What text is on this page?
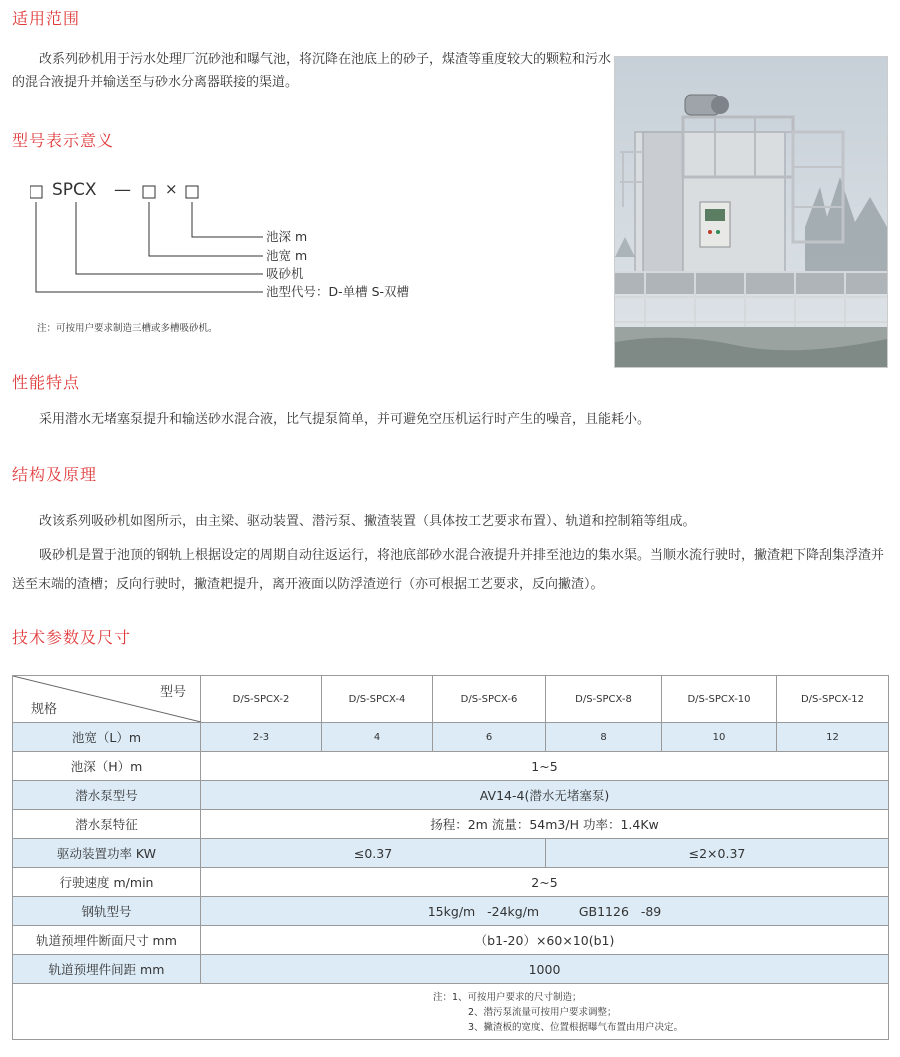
适用范围

改系列砂机用于污水处理厂沉砂池和曝气池，将沉降在池底上的砂子，煤渣等重度较大的颗粒和污水的混合液提升并输送至与砂水分离器联接的渠道。

型号表示意义
SPCX — ×
池深 m
池宽 m
吸砂机
池型代号：D-单槽 S-双槽
注：可按用户要求制造三槽或多槽吸砂机。
性能特点

采用潜水无堵塞泵提升和输送砂水混合液，比气提泵简单，并可避免空压机运行时产生的噪音，且能耗小。

结构及原理

改该系列吸砂机如图所示，由主梁、驱动装置、潜污泵、撇渣装置（具体按工艺要求布置）、轨道和控制箱等组成。

吸砂机是置于池顶的钢轨上根据设定的周期自动往返运行，将池底部砂水混合液提升并排至池边的集水渠。当顺水流行驶时，撇渣耙下降刮集浮渣并送至末端的渣槽；反向行驶时，撇渣耙提升，离开液面以防浮渣逆行（亦可根据工艺要求，反向撇渣）。

技术参数及尺寸
型号
规格	D/S-SPCX-2	D/S-SPCX-4	D/S-SPCX-6	D/S-SPCX-8	D/S-SPCX-10	D/S-SPCX-12
池宽（L）m	2-3	4	6	8	10	12
池深（H）m	1~5					
潜水泵型号	AV14-4(潜水无堵塞泵)					
潜水泵特征	扬程：2m 流量：54m3/H 功率：1.4Kw					
驱动装置功率 KW	≤0.37			≤2×0.37		
行驶速度 m/min	2~5					
钢轨型号	15kg/m   -24kg/m          GB1126   -89					
轨道预埋件断面尺寸 mm	（b1-20）×60×10(b1)					
轨道预埋件间距 mm	1000					

注：1、可按用户要求的尺寸制造；
2、潜污泵流量可按用户要求调整；
3、撇渣板的宽度、位置根据曝气布置由用户决定。						
